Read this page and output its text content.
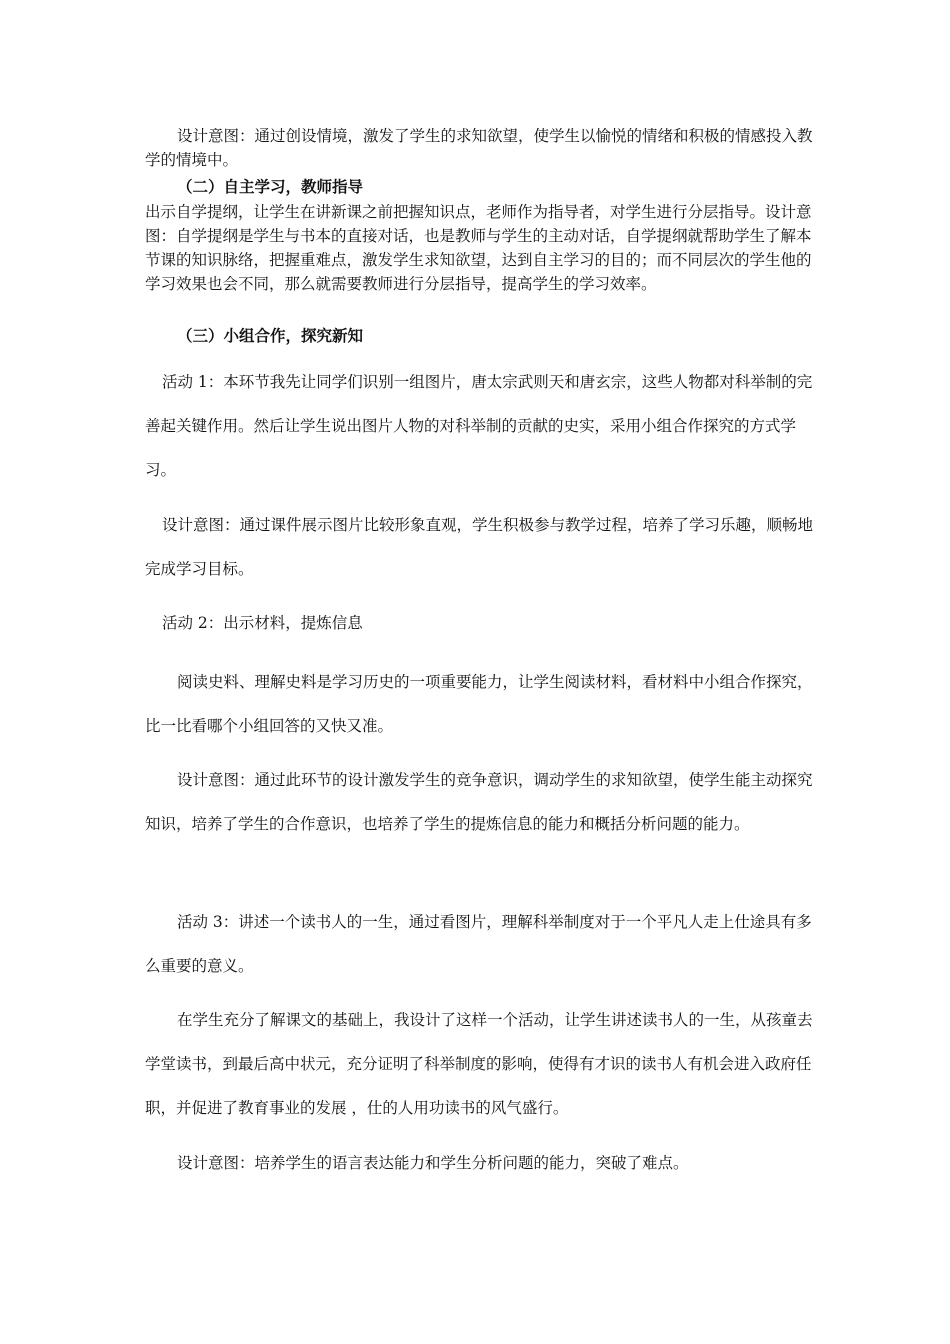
设计意图：通过创设情境，激发了学生的求知欲望，使学生以愉悦的情绪和积极的情感投入教学的情境中。

（二）自主学习，教师指导

出示自学提纲，让学生在讲新课之前把握知识点，老师作为指导者，对学生进行分层指导。设计意图：自学提纲是学生与书本的直接对话，也是教师与学生的主动对话，自学提纲就帮助学生了解本节课的知识脉络，把握重难点，激发学生求知欲望，达到自主学习的目的；而不同层次的学生他的学习效果也会不同，那么就需要教师进行分层指导，提高学生的学习效率。

（三）小组合作，探究新知

活动 1：本环节我先让同学们识别一组图片，唐太宗武则天和唐玄宗，这些人物都对科举制的完善起关键作用。然后让学生说出图片人物的对科举制的贡献的史实，采用小组合作探究的方式学习。

设计意图：通过课件展示图片比较形象直观，学生积极参与教学过程，培养了学习乐趣，顺畅地完成学习目标。

活动 2：出示材料，提炼信息

阅读史料、理解史料是学习历史的一项重要能力，让学生阅读材料，看材料中小组合作探究，比一比看哪个小组回答的又快又准。

设计意图：通过此环节的设计激发学生的竞争意识，调动学生的求知欲望，使学生能主动探究知识，培养了学生的合作意识，也培养了学生的提炼信息的能力和概括分析问题的能力。

活动 3：讲述一个读书人的一生，通过看图片，理解科举制度对于一个平凡人走上仕途具有多么重要的意义。

在学生充分了解课文的基础上，我设计了这样一个活动，让学生讲述读书人的一生，从孩童去学堂读书，到最后高中状元，充分证明了科举制度的影响，使得有才识的读书人有机会进入政府任职，并促进了教育事业的发展 ，仕的人用功读书的风气盛行。

设计意图：培养学生的语言表达能力和学生分析问题的能力，突破了难点。
